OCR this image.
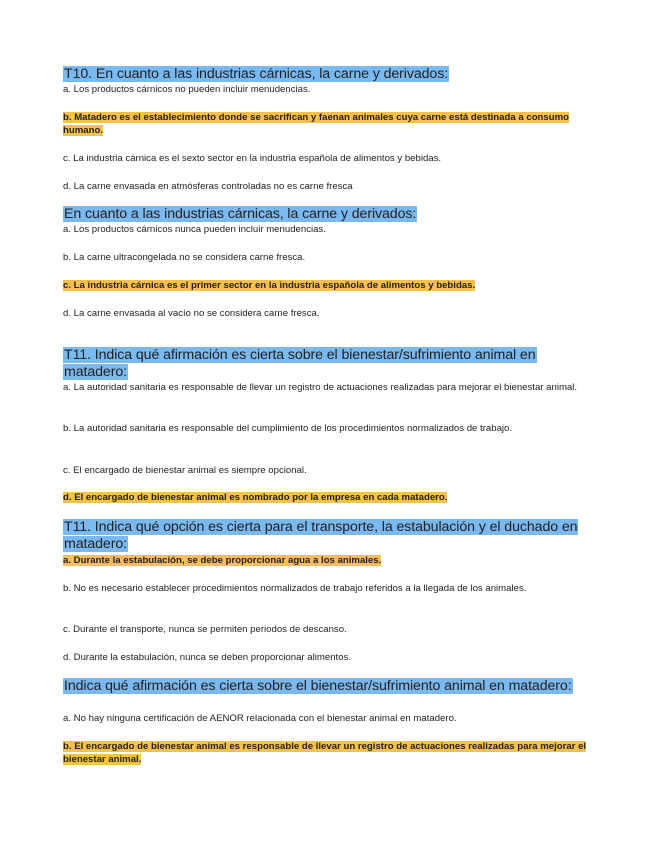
T10. En cuanto a las industrias cárnicas, la carne y derivados:
a. Los productos cárnicos no pueden incluir menudencias.
b. Matadero es el establecimiento donde se sacrifican y faenan animales cuya carne está destinada a consumo humano.
c. La industria cárnica es el sexto sector en la industria española de alimentos y bebidas.
d. La carne envasada en atmósferas controladas no es carne fresca
En cuanto a las industrias cárnicas, la carne y derivados:
a. Los productos cárnicos nunca pueden incluir menudencias.
b. La carne ultracongelada no se considera carne fresca.
c. La industria cárnica es el primer sector en la industria española de alimentos y bebidas.
d. La carne envasada al vacío no se considera carne fresca.
T11. Indica qué afirmación es cierta sobre el bienestar/sufrimiento animal en matadero:
a. La autoridad sanitaria es responsable de llevar un registro de actuaciones realizadas para mejorar el bienestar animal.
b. La autoridad sanitaria es responsable del cumplimiento de los procedimientos normalizados de trabajo.
c. El encargado de bienestar animal es siempre opcional.
d. El encargado de bienestar animal es nombrado por la empresa en cada matadero.
T11. Indica qué opción es cierta para el transporte, la estabulación y el duchado en matadero:
a. Durante la estabulación, se debe proporcionar agua a los animales.
b. No es necesario establecer procedimientos normalizados de trabajo referidos a la llegada de los animales.
c. Durante el transporte, nunca se permiten periodos de descanso.
d. Durante la estabulación, nunca se deben proporcionar alimentos.
Indica qué afirmación es cierta sobre el bienestar/sufrimiento animal en matadero:
a. No hay ninguna certificación de AENOR relacionada con el bienestar animal en matadero.
b. El encargado de bienestar animal es responsable de llevar un registro de actuaciones realizadas para mejorar el bienestar animal.
